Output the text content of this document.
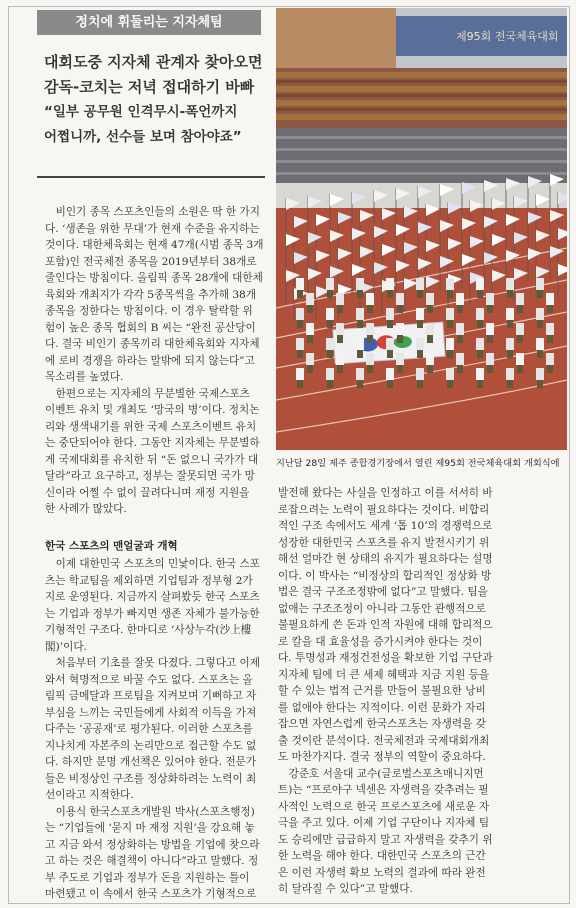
정치에 휘둘리는 지자체팀
대회도중 지자체 관계자 찾아오면
감독-코치는 저녁 접대하기 바빠
“일부 공무원 인격무시-폭언까지
어쩝니까, 선수들 보며 참아야죠”
비인기 종목 스포츠인들의 소원은 딱 한 가지
다. ‘생존을 위한 무대’가 현재 수준을 유지하는
것이다. 대한체육회는 현재 47개(시범 종목 3개
포함)인 전국체전 종목을 2019년부터 38개로
줄인다는 방침이다. 올림픽 종목 28개에 대한체
육회와 개최지가 각각 5종목씩을 추가해 38개
종목을 정한다는 방침이다. 이 경우 탈락할 위
험이 높은 종목 협회의 B 씨는 “완전 공산당이
다. 결국 비인기 종목끼리 대한체육회와 지자체
에 로비 경쟁을 하라는 말밖에 되지 않는다”고
목소리를 높였다.
한편으로는 지자체의 무분별한 국제스포츠
이벤트 유치 및 개최도 ‘망국의 병’이다. 정치논
리와 생색내기를 위한 국제 스포츠이벤트 유치
는 중단되어야 한다. 그동안 지자체는 무분별하
게 국제대회를 유치한 뒤 “돈 없으니 국가가 대
달라”라고 요구하고, 정부는 잘못되면 국가 망
신이라 어쩔 수 없이 끌려다니며 재정 지원을
한 사례가 많았다.
한국 스포츠의 맨얼굴과 개혁
이제 대한민국 스포츠의 민낯이다. 한국 스포
츠는 학교팀을 제외하면 기업팀과 정부형 2가
지로 운영된다. 지금까지 살펴봤듯 한국 스포츠
는 기업과 정부가 빠지면 생존 자체가 불가능한
기형적인 구조다. 한마디로 ‘사상누각(沙上樓
閣)’이다.
처음부터 기초를 잘못 다졌다. 그렇다고 이제
와서 혁명적으로 바꿀 수도 없다. 스포츠는 올
림픽 금메달과 프로팀을 지켜보며 기뻐하고 자
부심을 느끼는 국민들에게 사회적 이득을 가져
다주는 ‘공공재’로 평가된다. 이러한 스포츠를
지나치게 자본주의 논리만으로 접근할 수도 없
다. 하지만 분명 개선책은 있어야 한다. 전문가
들은 비정상인 구조를 정상화하려는 노력이 최
선이라고 지적한다.
이용식 한국스포츠개발원 박사(스포츠행정)
는 “기업들에 ‘묻지 마 재정 지원’을 강요해 놓
고 지금 와서 정상화하는 방법을 기업에 찾으라
고 하는 것은 해결책이 아니다”라고 말했다. 정
부 주도로 기업과 정부가 돈을 지원하는 틀이
마련됐고 이 속에서 한국 스포츠가 기형적으로
발전해 왔다는 사실을 인정하고 이를 서서히 바
로잡으려는 노력이 필요하다는 것이다. 비합리
적인 구조 속에서도 세계 ‘톱 10’의 경쟁력으로
성장한 대한민국 스포츠를 유지 발전시키기 위
해선 얼마간 현 상태의 유지가 필요하다는 설명
이다. 이 박사는 “비정상의 합리적인 정상화 방
법은 결국 구조조정밖에 없다”고 말했다. 팀을
없애는 구조조정이 아니라 그동안 관행적으로
불필요하게 쓴 돈과 인적 자원에 대해 합리적으
로 칼을 대 효율성을 증가시켜야 한다는 것이
다. 투명성과 재정건전성을 확보한 기업 구단과
지자체 팀에 더 큰 세제 혜택과 지금 지원 등을
할 수 있는 법적 근거를 만들어 불필요한 낭비
를 없애야 한다는 지적이다. 이런 문화가 자리
잡으면 자연스럽게 한국스포츠는 자생력을 갖
출 것이란 분석이다. 전국체전과 국제대회개최
도 마찬가지다. 결국 정부의 역할이 중요하다.
강준호 서울대 교수(글로벌스포츠매니지먼
트)는 “프로야구 넥센은 자생력을 갖추려는 필
사적인 노력으로 한국 프로스포츠에 새로운 자
극을 주고 있다. 이제 기업 구단이나 지자체 팀
도 승리에만 급급하지 말고 자생력을 갖추기 위
한 노력을 해야 한다. 대한민국 스포츠의 근간
은 이런 자생력 확보 노력의 결과에 따라 완전
히 달라질 수 있다”고 말했다.
제95회 전국체육대회
지난달 28일 제주 종합경기장에서 열린 제95회 전국체육대회 개회식에
